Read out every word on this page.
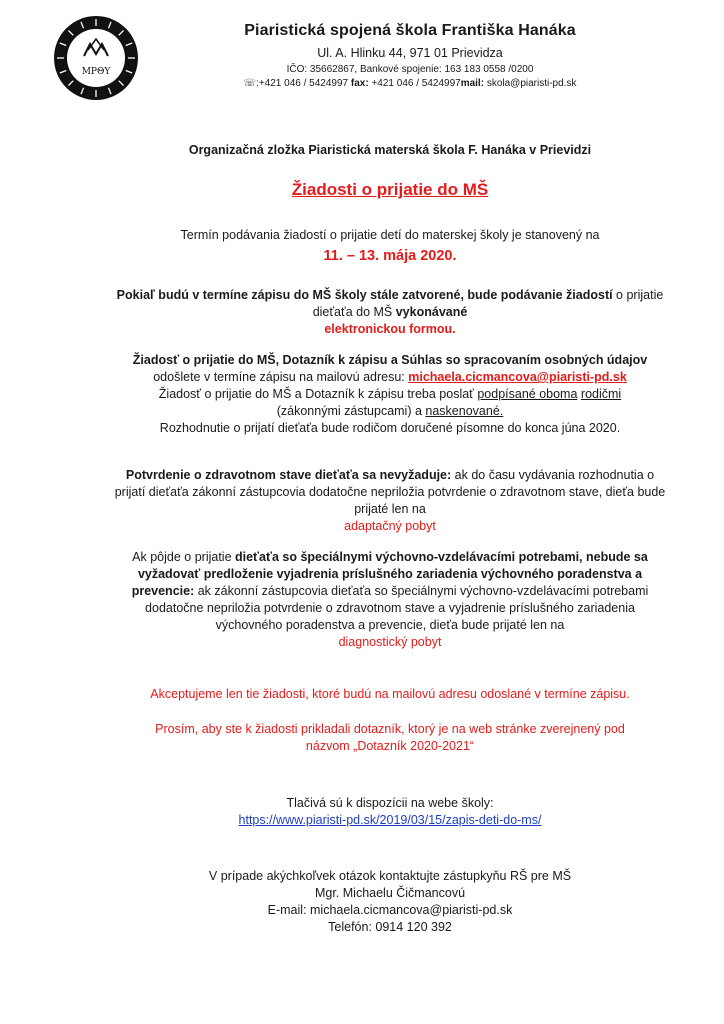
ΜΡΘΥ
Piaristická spojená škola Františka Hanáka
Ul. A. Hlinku 44, 971 01 Prievidza
IČO: 35662867, Bankové spojenie: 163 183 0558 /0200
☏:+421 046 / 5424997 fax: +421 046 / 5424997mail: skola@piaristi-pd.sk
Organizačná zložka Piaristická materská škola F. Hanáka v Prievidzi
Žiadosti o prijatie do MŠ
Termín podávania žiadostí o prijatie detí do materskej školy je stanovený na
11. – 13. mája 2020.
Pokiaľ budú v termíne zápisu do MŠ školy stále zatvorené, bude podávanie žiadostí o prijatie dieťaťa do MŠ vykonávané
elektronickou formou.
Žiadosť o prijatie do MŠ, Dotazník k zápisu a Súhlas so spracovaním osobných údajov
odošlete v termíne zápisu na mailovú adresu: michaela.cicmancova@piaristi-pd.sk
Žiadosť o prijatie do MŠ a Dotazník k zápisu treba poslať podpísané oboma rodičmi
(zákonnými zástupcami) a naskenované.
Rozhodnutie o prijatí dieťaťa bude rodičom doručené písomne do konca júna 2020.
Potvrdenie o zdravotnom stave dieťaťa sa nevyžaduje: ak do času vydávania rozhodnutia o prijatí dieťaťa zákonní zástupcovia dodatočne nepriložia potvrdenie o zdravotnom stave, dieťa bude prijaté len na
adaptačný pobyt
Ak pôjde o prijatie dieťaťa so špeciálnymi výchovno-vzdelávacími potrebami, nebude sa vyžadovať predloženie vyjadrenia príslušného zariadenia výchovného poradenstva a prevencie: ak zákonní zástupcovia dieťaťa so špeciálnymi výchovno-vzdelávacími potrebami dodatočne nepriložia potvrdenie o zdravotnom stave a vyjadrenie príslušného zariadenia výchovného poradenstva a prevencie, dieťa bude prijaté len na
diagnostický pobyt
Akceptujeme len tie žiadosti, ktoré budú na mailovú adresu odoslané v termíne zápisu.
Prosím, aby ste k žiadosti prikladali dotazník, ktorý je na web stránke zverejnený pod
názvom „Dotazník 2020-2021“
Tlačivá sú k dispozícii na webe školy:
https://www.piaristi-pd.sk/2019/03/15/zapis-deti-do-ms/
V prípade akýchkoľvek otázok kontaktujte zástupkyňu RŠ pre MŠ
Mgr. Michaelu Čičmancovú
E-mail: michaela.cicmancova@piaristi-pd.sk
Telefón: 0914 120 392
